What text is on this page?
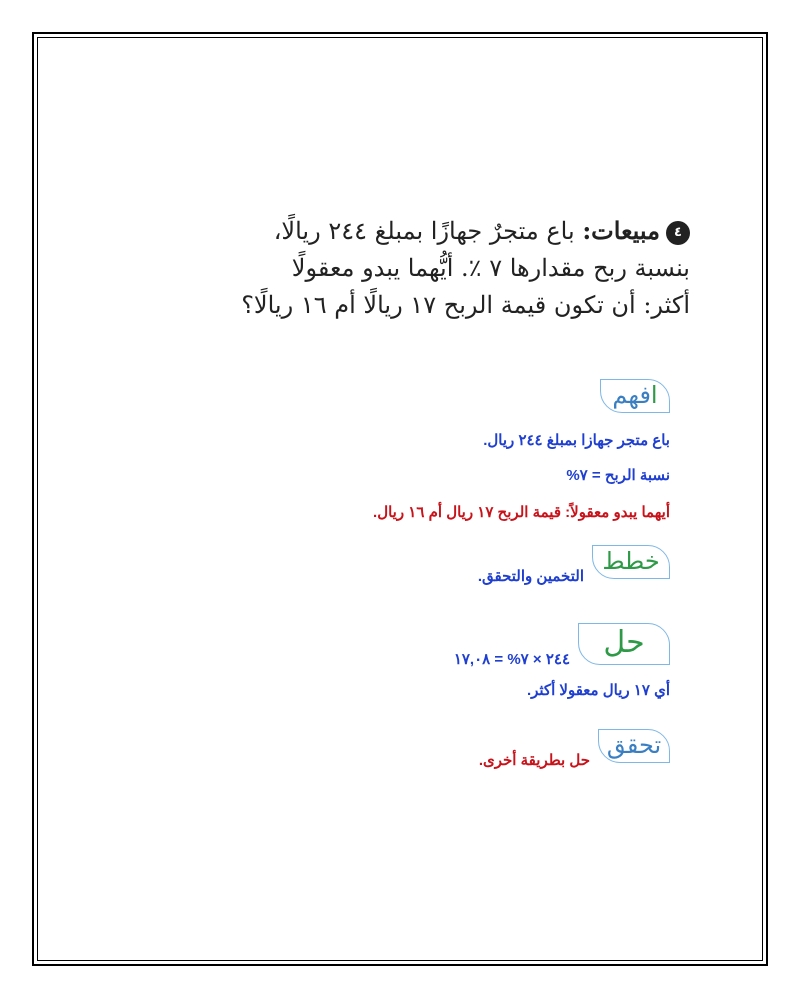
٤مبيعات: باع متجرٌ جهازًا بمبلغ ٢٤٤ ريالًا،
بنسبة ربح مقدارها ٧ ٪. أيُّهما يبدو معقولًا
أكثر: أن تكون قيمة الربح ١٧ ريالًا أم ١٦ ريالًا؟
افهم
باع متجر جهازا بمبلغ ٢٤٤ ريال.
نسبة الربح = ٧%
أيهما يبدو معقولاً: قيمة الربح ١٧ ريال أم ١٦ ريال.
خطط
التخمين والتحقق.
حل
٢٤٤ × ٧% = ١٧,٠٨
أي ١٧ ريال معقولا أكثر.
تحقق
حل بطريقة أخرى.
